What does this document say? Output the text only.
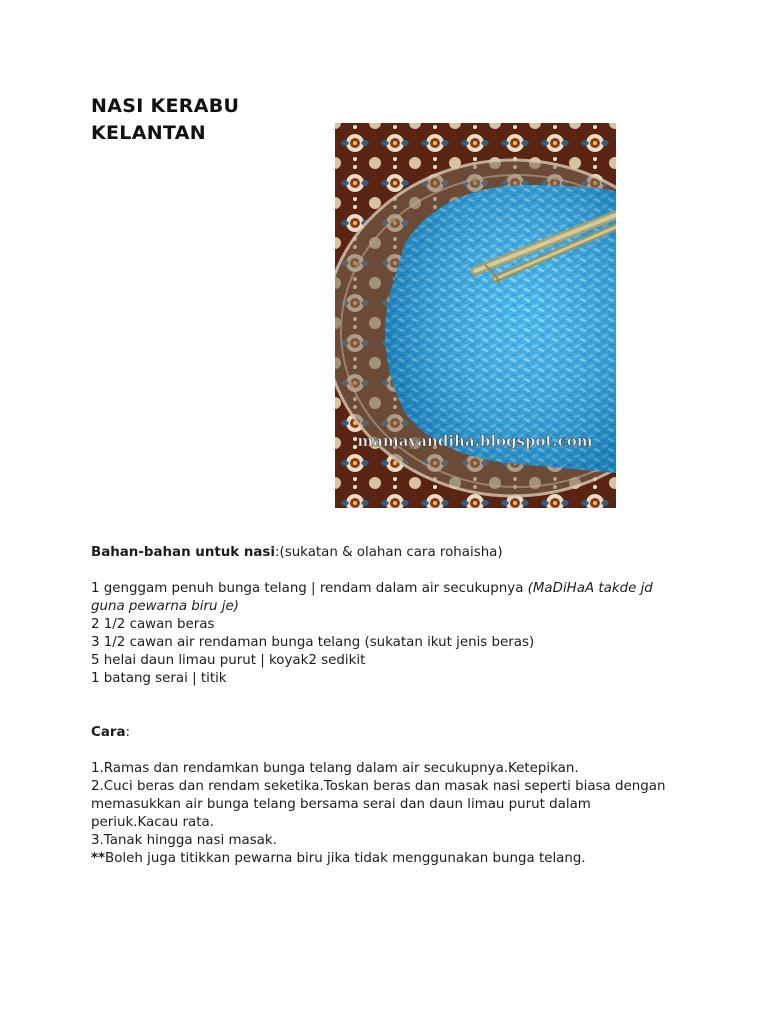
NASI KERABU
KELANTAN
mamayandiha.blogspot.com

Bahan-bahan untuk nasi:(sukatan & olahan cara rohaisha)

1 genggam penuh bunga telang | rendam dalam air secukupnya (MaDiHaA takde jd guna pewarna biru je)

2 1/2 cawan beras

3 1/2 cawan air rendaman bunga telang (sukatan ikut jenis beras)

5 helai daun limau purut | koyak2 sedikit

1 batang serai | titik

Cara:

1.Ramas dan rendamkan bunga telang dalam air secukupnya.Ketepikan.

2.Cuci beras dan rendam seketika.Toskan beras dan masak nasi seperti biasa dengan memasukkan air bunga telang bersama serai dan daun limau purut dalam periuk.Kacau rata.

3.Tanak hingga nasi masak.

**Boleh juga titikkan pewarna biru jika tidak menggunakan bunga telang.
